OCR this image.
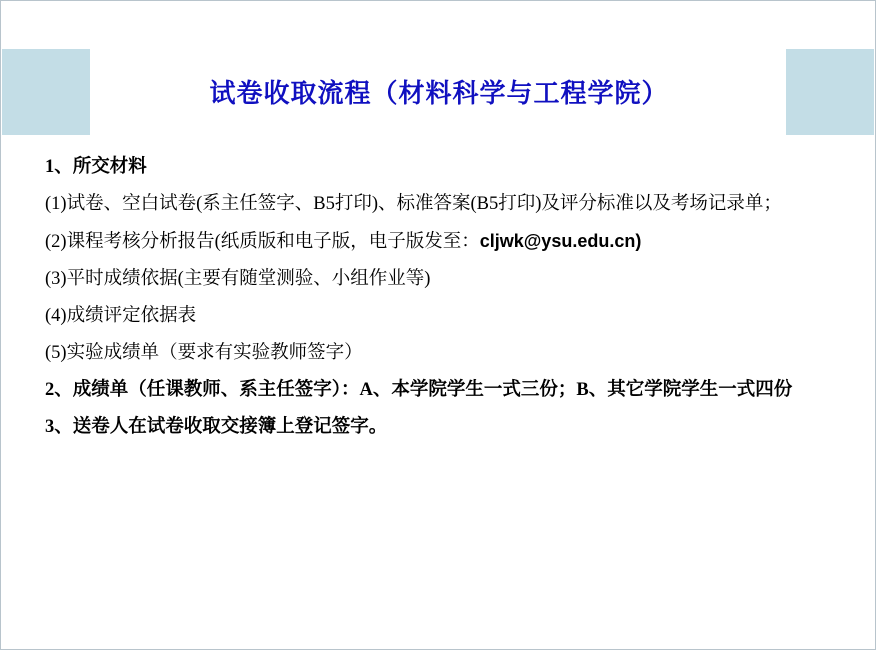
试卷收取流程（材料科学与工程学院）
1、所交材料
(1)试卷、空白试卷(系主任签字、B5打印)、标准答案(B5打印)及评分标准以及考场记录单；
(2)课程考核分析报告(纸质版和电子版，电子版发至：cljwk@ysu.edu.cn)
(3)平时成绩依据(主要有随堂测验、小组作业等)
(4)成绩评定依据表
(5)实验成绩单（要求有实验教师签字）
2、成绩单（任课教师、系主任签字）：A、本学院学生一式三份；B、其它学院学生一式四份
3、送卷人在试卷收取交接簿上登记签字。
